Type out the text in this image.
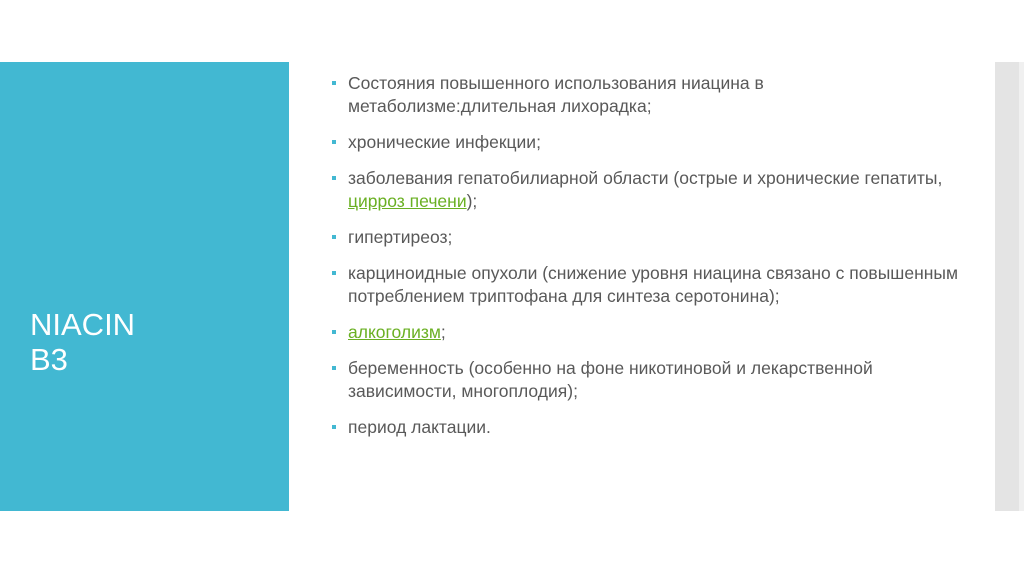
NIACIN
B3
Состояния повышенного использования ниацина в метаболизме:длительная лихорадка;
хронические инфекции;
заболевания гепатобилиарной области (острые и хронические гепатиты, цирроз печени);
гипертиреоз;
карциноидные опухоли (снижение уровня ниацина связано с повышенным потреблением триптофана для синтеза серотонина);
алкоголизм;
беременность (особенно на фоне никотиновой и лекарственной зависимости, многоплодия);
период лактации.
